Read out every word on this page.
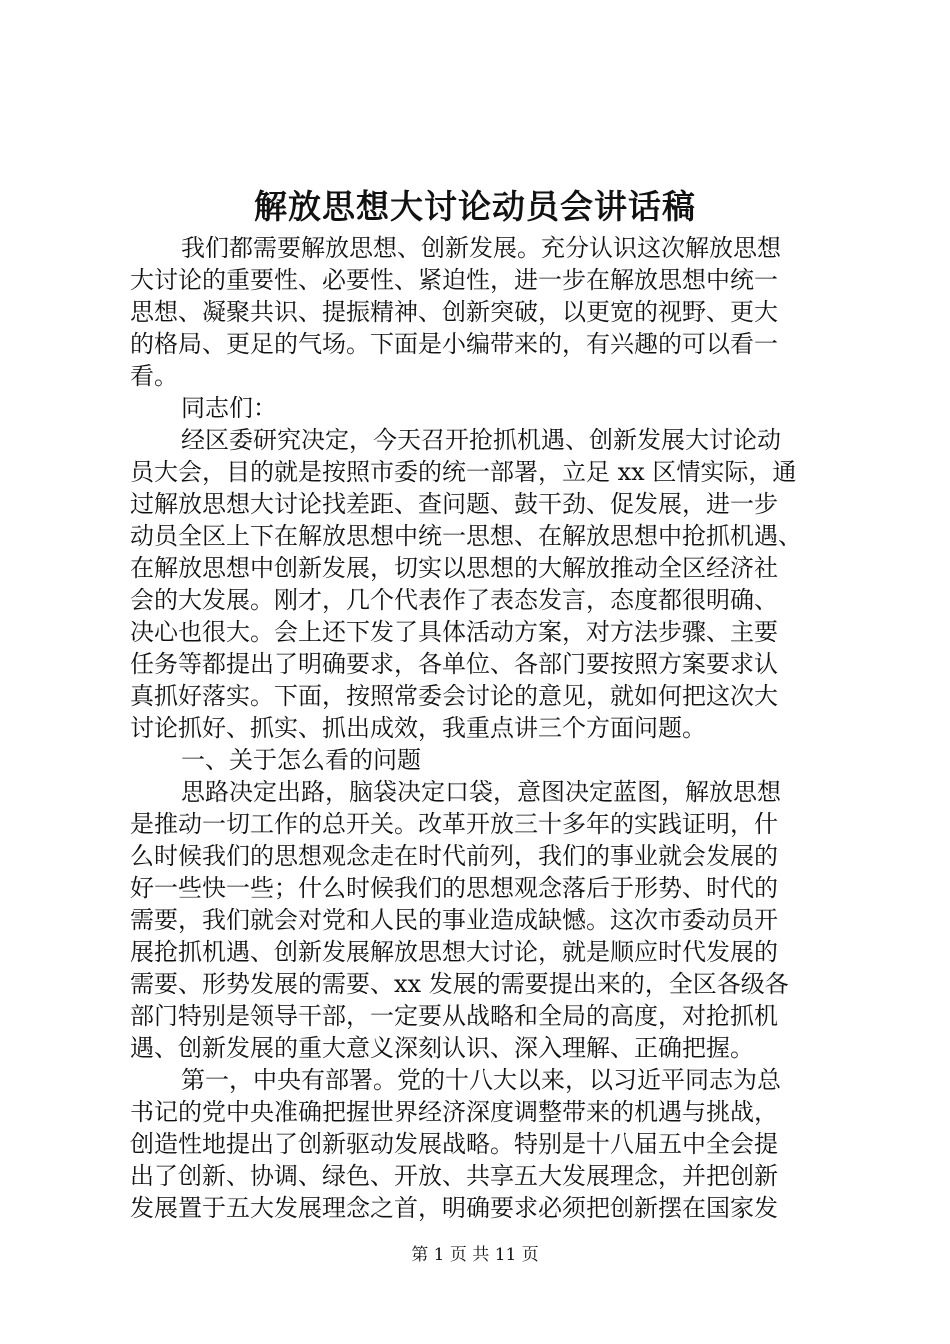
解放思想大讨论动员会讲话稿
我们都需要解放思想、创新发展。充分认识这次解放思想
大讨论的重要性、必要性、紧迫性，进一步在解放思想中统一
思想、凝聚共识、提振精神、创新突破，以更宽的视野、更大
的格局、更足的气场。下面是小编带来的，有兴趣的可以看一
看。
同志们：
经区委研究决定，今天召开抢抓机遇、创新发展大讨论动
员大会，目的就是按照市委的统一部署，立足 xx 区情实际，通
过解放思想大讨论找差距、查问题、鼓干劲、促发展，进一步
动员全区上下在解放思想中统一思想、在解放思想中抢抓机遇、
在解放思想中创新发展，切实以思想的大解放推动全区经济社
会的大发展。刚才，几个代表作了表态发言，态度都很明确、
决心也很大。会上还下发了具体活动方案，对方法步骤、主要
任务等都提出了明确要求，各单位、各部门要按照方案要求认
真抓好落实。下面，按照常委会讨论的意见，就如何把这次大
讨论抓好、抓实、抓出成效，我重点讲三个方面问题。
一、关于怎么看的问题
思路决定出路，脑袋决定口袋，意图决定蓝图，解放思想
是推动一切工作的总开关。改革开放三十多年的实践证明，什
么时候我们的思想观念走在时代前列，我们的事业就会发展的
好一些快一些；什么时候我们的思想观念落后于形势、时代的
需要，我们就会对党和人民的事业造成缺憾。这次市委动员开
展抢抓机遇、创新发展解放思想大讨论，就是顺应时代发展的
需要、形势发展的需要、xx 发展的需要提出来的，全区各级各
部门特别是领导干部，一定要从战略和全局的高度，对抢抓机
遇、创新发展的重大意义深刻认识、深入理解、正确把握。
第一，中央有部署。党的十八大以来，以习近平同志为总
书记的党中央准确把握世界经济深度调整带来的机遇与挑战，
创造性地提出了创新驱动发展战略。特别是十八届五中全会提
出了创新、协调、绿色、开放、共享五大发展理念，并把创新
发展置于五大发展理念之首，明确要求必须把创新摆在国家发
第 1 页 共 11 页
